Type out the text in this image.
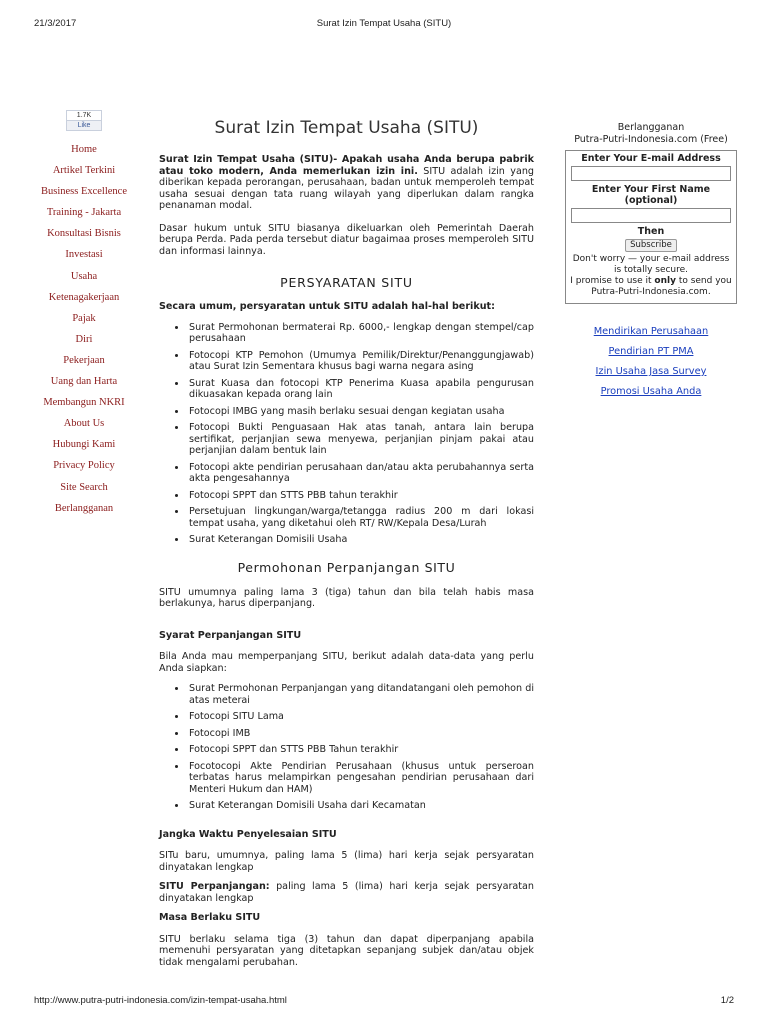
21/3/2017	Surat Izin Tempat Usaha (SITU)
1.7K
Like
Home
Artikel Terkini
Business Excellence
Training - Jakarta
Konsultasi Bisnis
Investasi
Usaha
Ketenagakerjaan
Pajak
Diri
Pekerjaan
Uang dan Harta
Membangun NKRI
About Us
Hubungi Kami
Privacy Policy
Site Search
Berlangganan
Surat Izin Tempat Usaha (SITU)

Surat Izin Tempat Usaha (SITU)- Apakah usaha Anda berupa pabrik atau toko modern, Anda memerlukan izin ini. SITU adalah izin yang diberikan kepada perorangan, perusahaan, badan untuk memperoleh tempat usaha sesuai dengan tata ruang wilayah yang diperlukan dalam rangka penanaman modal.

Dasar hukum untuk SITU biasanya dikeluarkan oleh Pemerintah Daerah berupa Perda. Pada perda tersebut diatur bagaimaa proses memperoleh SITU dan informasi lainnya.

PERSYARATAN SITU

Secara umum, persyaratan untuk SITU adalah hal-hal berikut:

• Surat Permohonan bermaterai Rp. 6000,- lengkap dengan stempel/cap perusahaan
• Fotocopi KTP Pemohon (Umumya Pemilik/Direktur/Penanggungjawab) atau Surat Izin Sementara khusus bagi warna negara asing
• Surat Kuasa dan fotocopi KTP Penerima Kuasa apabila pengurusan dikuasakan kepada orang lain
• Fotocopi IMBG yang masih berlaku sesuai dengan kegiatan usaha
• Fotocopi Bukti Penguasaan Hak atas tanah, antara lain berupa sertifikat, perjanjian sewa menyewa, perjanjian pinjam pakai atau perjanjian dalam bentuk lain
• Fotocopi akte pendirian perusahaan dan/atau akta perubahannya serta akta pengesahannya
• Fotocopi SPPT dan STTS PBB tahun terakhir
• Persetujuan lingkungan/warga/tetangga radius 200 m dari lokasi tempat usaha, yang diketahui oleh RT/ RW/Kepala Desa/Lurah
• Surat Keterangan Domisili Usaha
Permohonan Perpanjangan SITU

SITU umumnya paling lama 3 (tiga) tahun dan bila telah habis masa berlakunya, harus diperpanjang.

Syarat Perpanjangan SITU

Bila Anda mau memperpanjang SITU, berikut adalah data-data yang perlu Anda siapkan:

• Surat Permohonan Perpanjangan yang ditandatangani oleh pemohon di atas meterai
• Fotocopi SITU Lama
• Fotocopi IMB
• Fotocopi SPPT dan STTS PBB Tahun terakhir
• Focotocopi Akte Pendirian Perusahaan (khusus untuk perseroan terbatas harus melampirkan pengesahan pendirian perusahaan dari Menteri Hukum dan HAM)
• Surat Keterangan Domisili Usaha dari Kecamatan
Jangka Waktu Penyelesaian SITU

SITu baru, umumnya, paling lama 5 (lima) hari kerja sejak persyaratan dinyatakan lengkap

SITU Perpanjangan: paling lama 5 (lima) hari kerja sejak persyaratan dinyatakan lengkap

Masa Berlaku SITU

SITU berlaku selama tiga (3) tahun dan dapat diperpanjang apabila memenuhi persyaratan yang ditetapkan sepanjang subjek dan/atau objek tidak mengalami perubahan.

Berlangganan
Putra-Putri-Indonesia.com (Free)
Enter Your E-mail Address
Enter Your First Name (optional)
Then
Subscribe
Don't worry — your e-mail address is totally secure.
I promise to use it only to send you Putra-Putri-Indonesia.com.
Mendirikan Perusahaan
Pendirian PT PMA
Izin Usaha Jasa Survey
Promosi Usaha Anda
http://www.putra-putri-indonesia.com/izin-tempat-usaha.html	1/2
